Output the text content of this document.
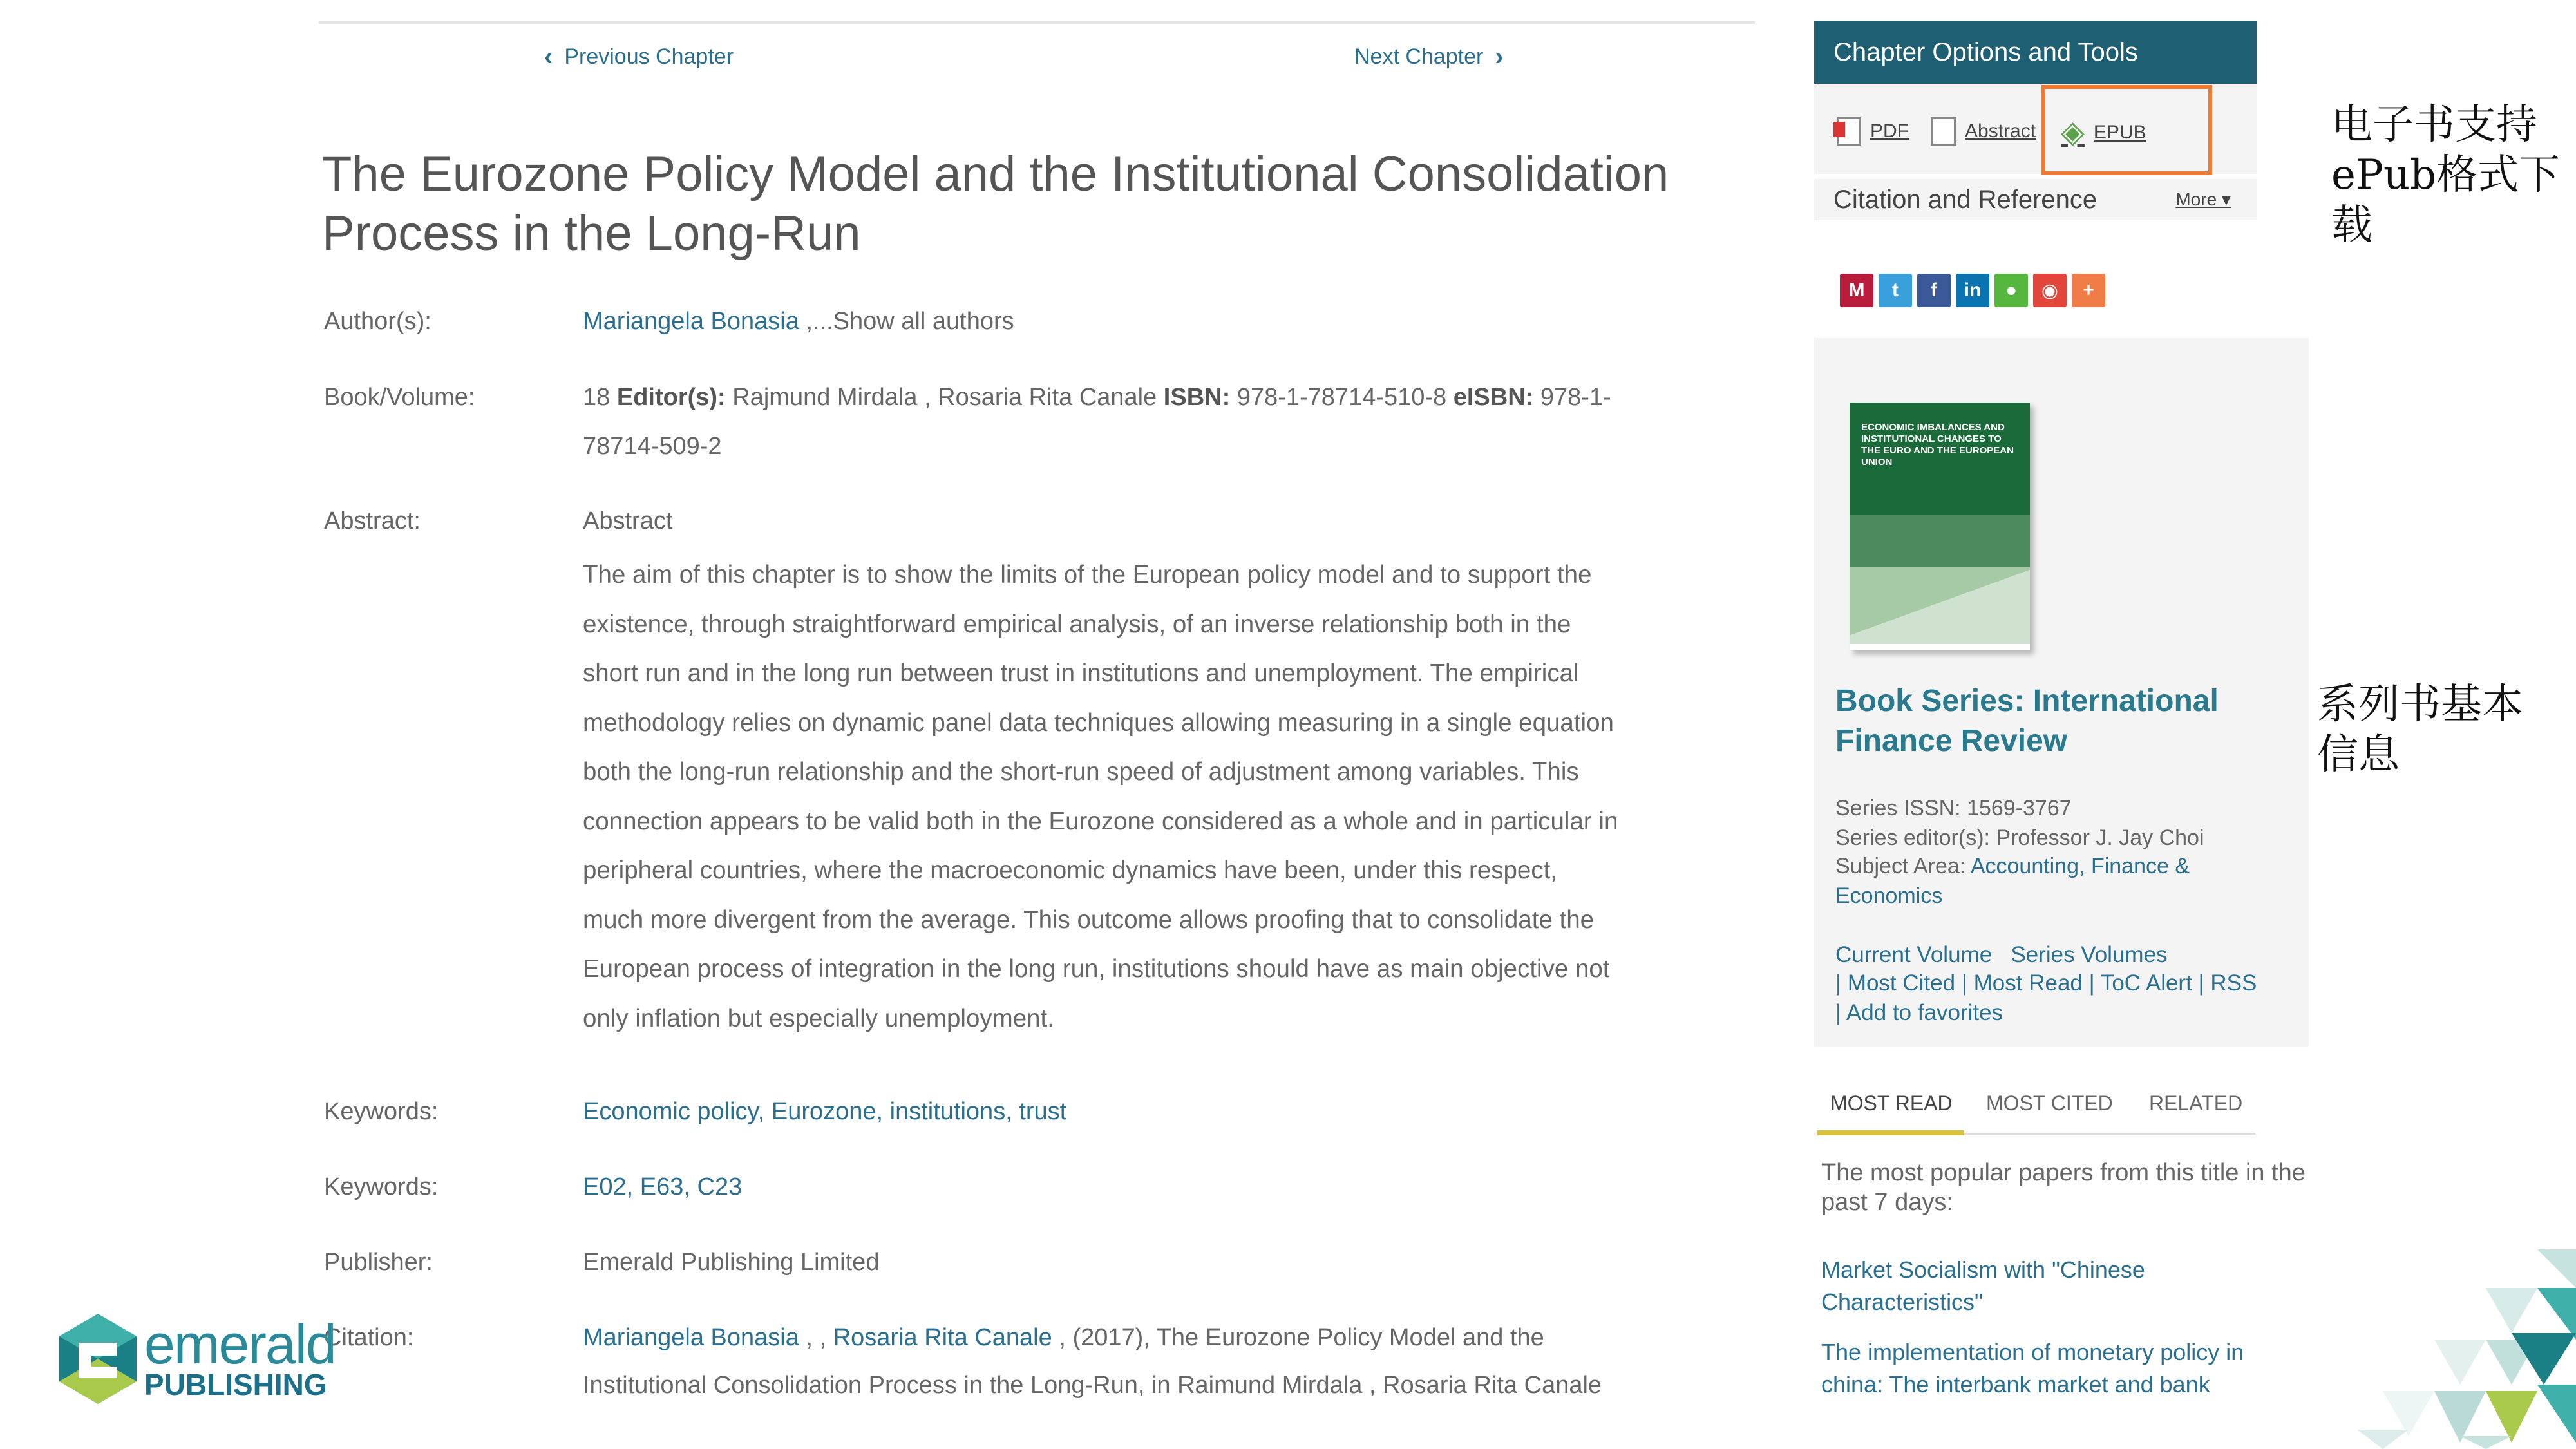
‹ Previous Chapter	Next Chapter ›
The Eurozone Policy Model and the Institutional Consolidation Process in the Long-Run
Author(s):	Mariangela Bonasia ,...Show all authors
Book/Volume:	18 Editor(s): Rajmund Mirdala , Rosaria Rita Canale ISBN: 978-1-78714-510-8 eISBN: 978-1-
78714-509-2
Abstract:	Abstract
The aim of this chapter is to show the limits of the European policy model and to support the
existence, through straightforward empirical analysis, of an inverse relationship both in the
short run and in the long run between trust in institutions and unemployment. The empirical
methodology relies on dynamic panel data techniques allowing measuring in a single equation
both the long-run relationship and the short-run speed of adjustment among variables. This
connection appears to be valid both in the Eurozone considered as a whole and in particular in
peripheral countries, where the macroeconomic dynamics have been, under this respect,
much more divergent from the average. This outcome allows proofing that to consolidate the
European process of integration in the long run, institutions should have as main objective not
only inflation but especially unemployment.
Keywords:	Economic policy, Eurozone, institutions, trust
Keywords:	E02, E63, C23
Publisher:	Emerald Publishing Limited
Citation:	Mariangela Bonasia , , Rosaria Rita Canale , (2017), The Eurozone Policy Model and the
Institutional Consolidation Process in the Long-Run, in Raimund Mirdala , Rosaria Rita Canale
Chapter Options and Tools
PDF	Abstract ◈ EPUB
Citation and Reference	More ▾
M	t	f	in	●	◉	+
ECONOMIC IMBALANCES AND INSTITUTIONAL CHANGES TO THE EURO AND THE EUROPEAN UNION
Book Series: International Finance Review
Series ISSN: 1569-3767
Series editor(s): Professor J. Jay Choi
Subject Area: Accounting, Finance &
Economics
Current Volume Series Volumes
| Most Cited | Most Read | ToC Alert | RSS
| Add to favorites
MOST READ MOST CITED RELATED
The most popular papers from this title in the past 7 days:
Market Socialism with "Chinese Characteristics"
The implementation of monetary policy in china: The interbank market and bank
电子书支持ePub格式下载
系列书基本信息
emerald
PUBLISHING
